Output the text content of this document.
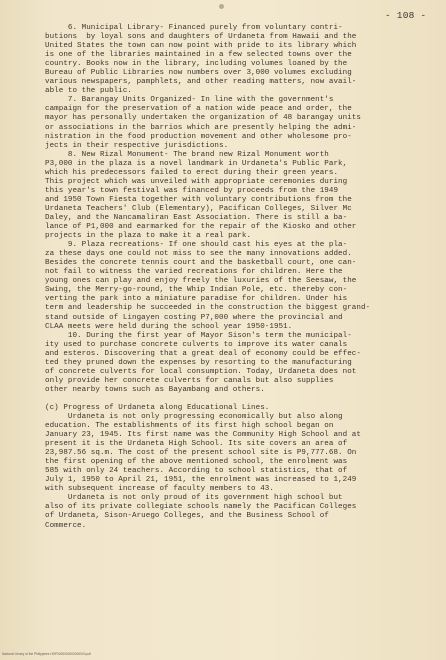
- 108 -
6. Municipal Library- Financed purely from voluntary contri-
butions  by loyal sons and daughters of Urdaneta from Hawaii and the
United States the town can now point with pride to its library which
is one of the libraries maintained in a few selected towns over the
country. Books now in the library, including volumes loaned by the
Bureau of Public Libraries now numbers over 3,000 volumes excluding
various newspapers, pamphlets, and other reading matters, now avail-
able to the public.
7. Barangay Units Organized- In line with the government's
campaign for the preservation of a nation wide peace and order, the
mayor has personally undertaken the organization of 48 barangay units
or associations in the barrios which are presently helping the admi-
nistration in the food production movement and other wholesome pro-
jects in their respective jurisdictions.
8. New Rizal Monument- The brand new Rizal Monument worth
P3,000 in the plaza is a novel landmark in Urdaneta's Public Park,
which his predecessors failed to erect during their green years.
This project which was unveiled with appropriate ceremonies during
this year's town festival was financed by proceeds from the 1949
and 1950 Town Fiesta together with voluntary contributions from the
Urdaneta Teachers' Club (Elementary), Pacifican Colleges, Silver Mc
Daley, and the Nancamaliran East Association. There is still a ba-
lance of P1,000 and earmarked for the repair of the Kiosko and other
projects in the plaza to make it a real park.
9. Plaza recreations- If one should cast his eyes at the pla-
za these days one could not miss to see the many innovations added.
Besides the concrete tennis court and the basketball court, one can-
not fail to witness the varied recreations for children. Here the
young ones can play and enjoy freely the luxuries of the Seesaw, the
Swing, the Merry-go-round, the Whip Indian Pole, etc. thereby con-
verting the park into a miniature paradise for children. Under his
term and leadership he succeeded in the construction the biggest grand-
stand outside of Lingayen costing P7,000 where the provincial and
CLAA meets were held during the school year 1950-1951.
10. During the first year of Mayor Sison's term the municipal-
ity used to purchase concrete culverts to improve its water canals
and esteros. Discovering that a great deal of economy could be effec-
ted they pruned down the expenses by resorting to the manufacturing
of concrete culverts for local consumption. Today, Urdaneta does not
only provide her concrete culverts for canals but also supplies
other nearby towns such as Bayambang and others.
(c) Progress of Urdaneta along Educational Lines.
Urdaneta is not only progressing economically but also along
education. The establishments of its first high school began on
January 23, 1945. Its first name was the Community High School and at
present it is the Urdaneta High School. Its site covers an area of
23,987.56 sq.m. The cost of the present school site is P9,777.68. On
the first opening of the above mentioned school, the enrolment was
585 with only 24 teachers. According to school statistics, that of
July 1, 1950 to April 21, 1951, the enrolment was increased to 1,249
with subsequent increase of faculty members to 43.
Urdaneta is not only proud of its government high school but
also of its private collegiate schools namely the Pacifican Colleges
of Urdaneta, Sison-Aruego Colleges, and the Business School of
Commerce.
National Library of the Philippines HDP0000000000000000.pdf
